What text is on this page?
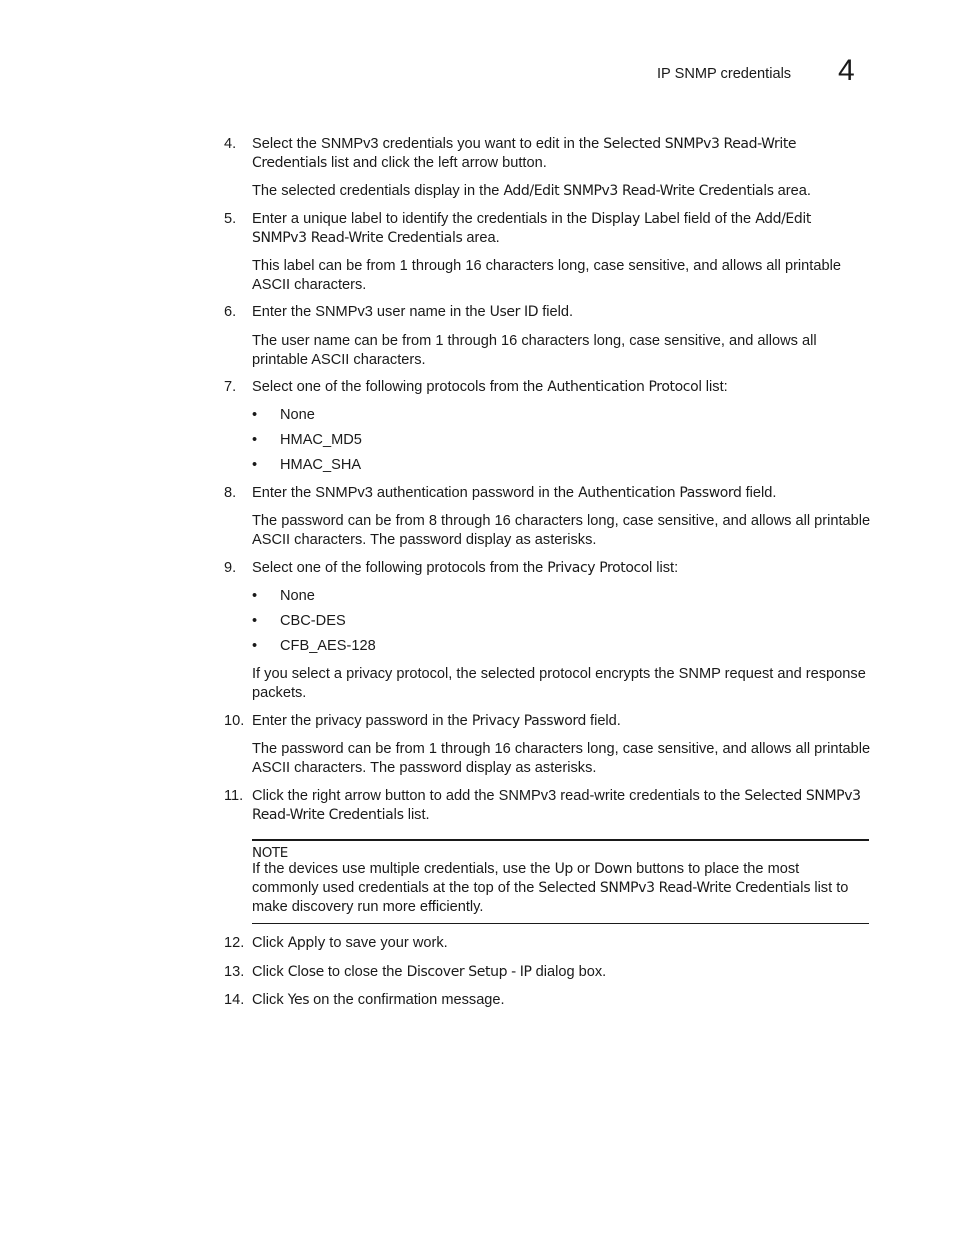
IP SNMP credentials 4
4.	Select the SNMPv3 credentials you want to edit in the Selected SNMPv3 Read-Write Credentials list and click the left arrow button.
The selected credentials display in the Add/Edit SNMPv3 Read-Write Credentials area.
5.	Enter a unique label to identify the credentials in the Display Label field of the Add/Edit SNMPv3 Read-Write Credentials area.
This label can be from 1 through 16 characters long, case sensitive, and allows all printable ASCII characters.
6.	Enter the SNMPv3 user name in the User ID field.
The user name can be from 1 through 16 characters long, case sensitive, and allows all printable ASCII characters.
7.	Select one of the following protocols from the Authentication Protocol list:
•	None
•	HMAC_MD5
•	HMAC_SHA
8.	Enter the SNMPv3 authentication password in the Authentication Password field.
The password can be from 8 through 16 characters long, case sensitive, and allows all printable ASCII characters. The password display as asterisks.
9.	Select one of the following protocols from the Privacy Protocol list:
•	None
•	CBC-DES
•	CFB_AES-128
If you select a privacy protocol, the selected protocol encrypts the SNMP request and response packets.
10. Enter the privacy password in the Privacy Password field.
The password can be from 1 through 16 characters long, case sensitive, and allows all printable ASCII characters. The password display as asterisks.
11. Click the right arrow button to add the SNMPv3 read-write credentials to the Selected SNMPv3 Read-Write Credentials list.
NOTE
If the devices use multiple credentials, use the Up or Down buttons to place the most commonly used credentials at the top of the Selected SNMPv3 Read-Write Credentials list to make discovery run more efficiently.
12. Click Apply to save your work.
13. Click Close to close the Discover Setup - IP dialog box.
14. Click Yes on the confirmation message.
